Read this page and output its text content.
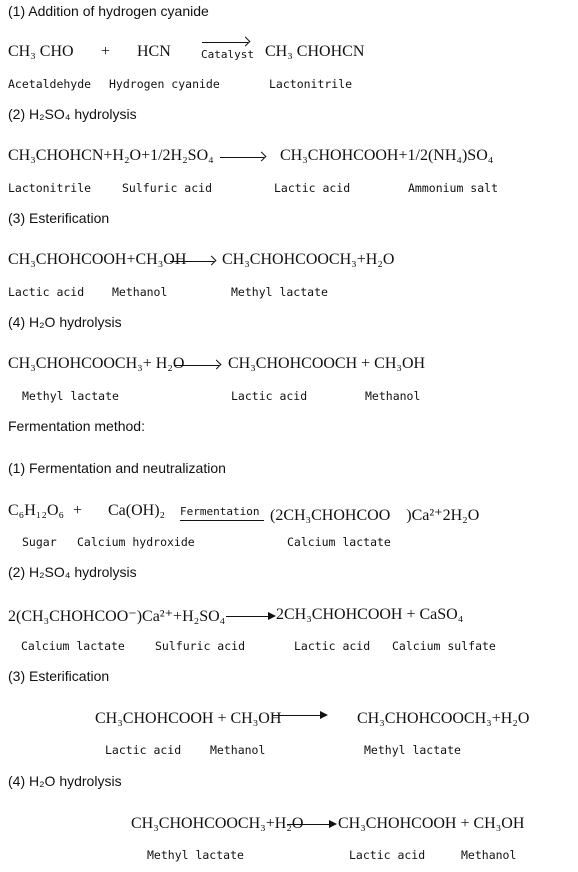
(1) Addition of hydrogen cyanide
CH₃ CHO + HCN	Catalyst CH₃ CHOHCN
Acetaldehyde Hydrogen cyanide	Lactonitrile
(2) H₂SO₄ hydrolysis
CH₃CHOHCN+H₂O+1/2H₂SO₄	CH₃CHOHCOOH+1/2(NH₄)SO₄
Lactonitrile	Sulfuric acid	Lactic acid	Ammonium salt
(3) Esterification
CH₃CHOHCOOH+CH₃OH CH₃CHOHCOOCH₃+H₂O
Lactic acid Methanol	Methyl lactate
(4) H₂O hydrolysis
CH₃CHOHCOOCH₃+ H₂O	CH₃CHOHCOOCH + CH₃OH
Methyl lactate	Lactic acid	Methanol
Fermentation method:
(1) Fermentation and neutralization
C₆H₁₂O₆ + Ca(OH)₂ Fermentation (2CH₃CHOHCOO　)Ca²⁺2H₂O
Sugar Calcium hydroxide	Calcium lactate
(2) H₂SO₄ hydrolysis
2(CH₃CHOHCOO⁻)Ca²⁺+H₂SO₄ → 2CH₃CHOHCOOH + CaSO₄
Calcium lactate	Sulfuric acid	Lactic acid Calcium sulfate
(3) Esterification
CH₃CHOHCOOH + CH₃OH	CH₃CHOHCOOCH₃+H₂O
Lactic acid	Methanol	Methyl lactate
(4) H₂O hydrolysis
CH₃CHOHCOOCH₃+H₂O → CH₃CHOHCOOH + CH₃OH
Methyl lactate	Lactic acid	Methanol
